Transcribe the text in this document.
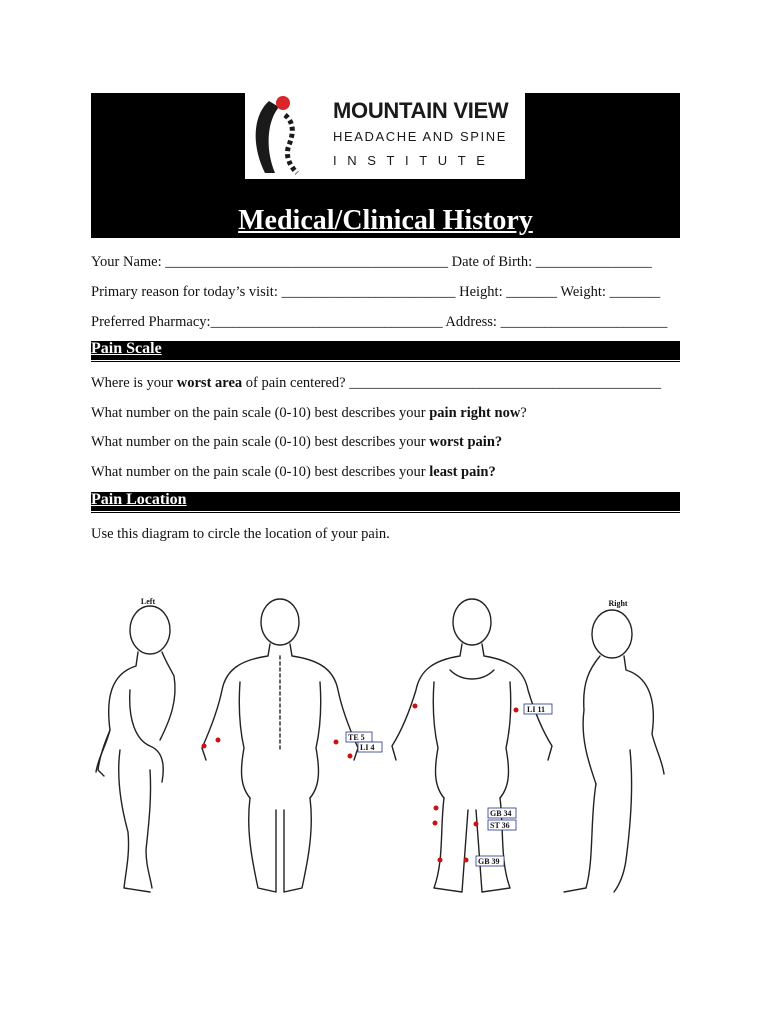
MOUNTAIN VIEW
HEADACHE AND SPINE
INSTITUTE
Medical/Clinical History
Your Name: _______________________________________ Date of Birth: ________________
Primary reason for today’s visit: ________________________ Height: _______ Weight: _______
Preferred Pharmacy:________________________________ Address: _______________________
Pain Scale
Where is your worst area of pain centered? ___________________________________________
What number on the pain scale (0-10) best describes your pain right now?
What number on the pain scale (0-10) best describes your worst pain?
What number on the pain scale (0-10) best describes your least pain?
Pain Location
Use this diagram to circle the location of your pain.
Left	Right
TE 5
LI 4
LI 11
GB 34
ST 36
GB 39
